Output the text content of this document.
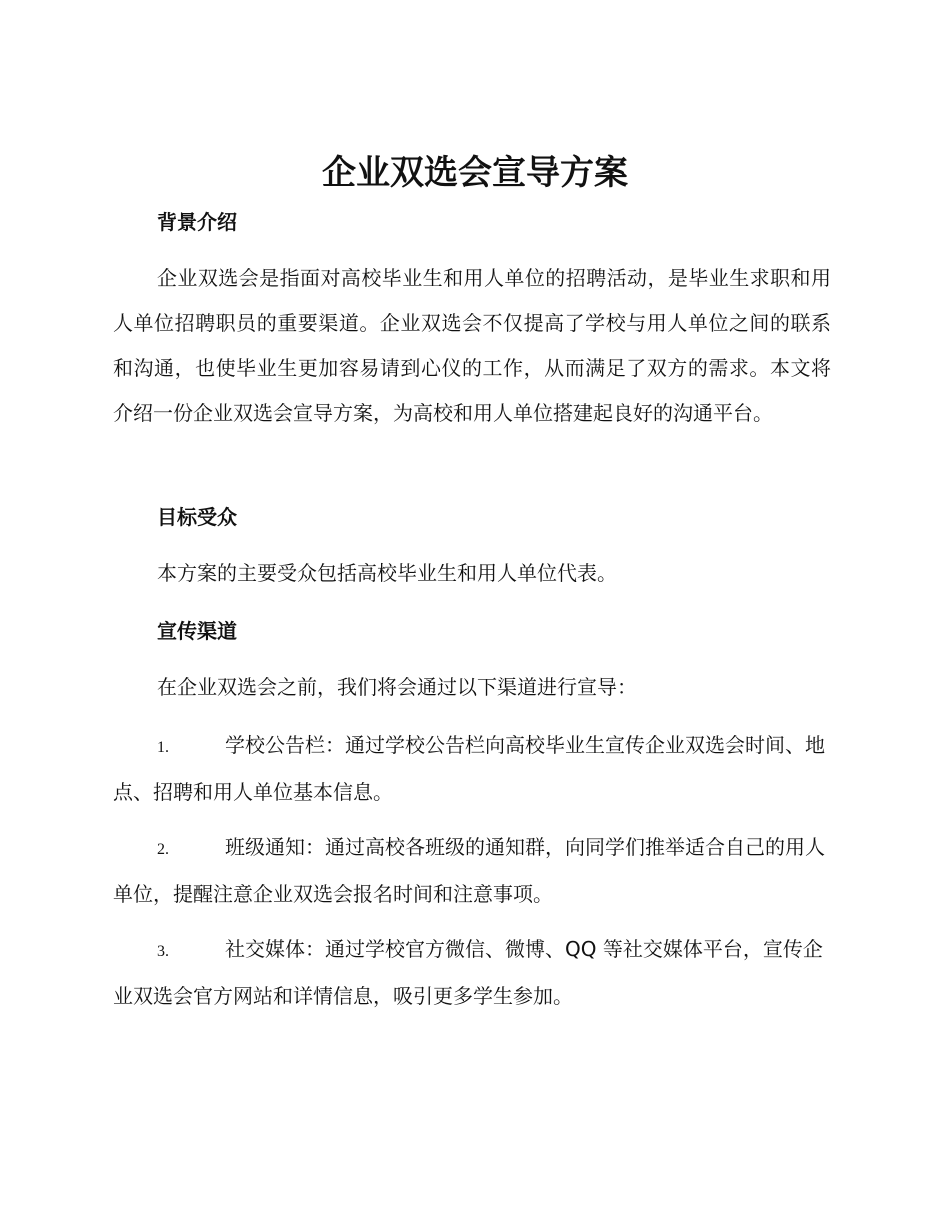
企业双选会宣导方案
背景介绍

企业双选会是指面对高校毕业生和用人单位的招聘活动，是毕业生求职和用人单位招聘职员的重要渠道。企业双选会不仅提高了学校与用人单位之间的联系和沟通，也使毕业生更加容易请到心仪的工作，从而满足了双方的需求。本文将介绍一份企业双选会宣导方案，为高校和用人单位搭建起良好的沟通平台。

目标受众

本方案的主要受众包括高校毕业生和用人单位代表。

宣传渠道

在企业双选会之前，我们将会通过以下渠道进行宣导：

1.	学校公告栏：通过学校公告栏向高校毕业生宣传企业双选会时间、地点、招聘和用人单位基本信息。

2.	班级通知：通过高校各班级的通知群，向同学们推举适合自己的用人单位，提醒注意企业双选会报名时间和注意事项。

3.	社交媒体：通过学校官方微信、微博、QQ 等社交媒体平台，宣传企业双选会官方网站和详情信息，吸引更多学生参加。
